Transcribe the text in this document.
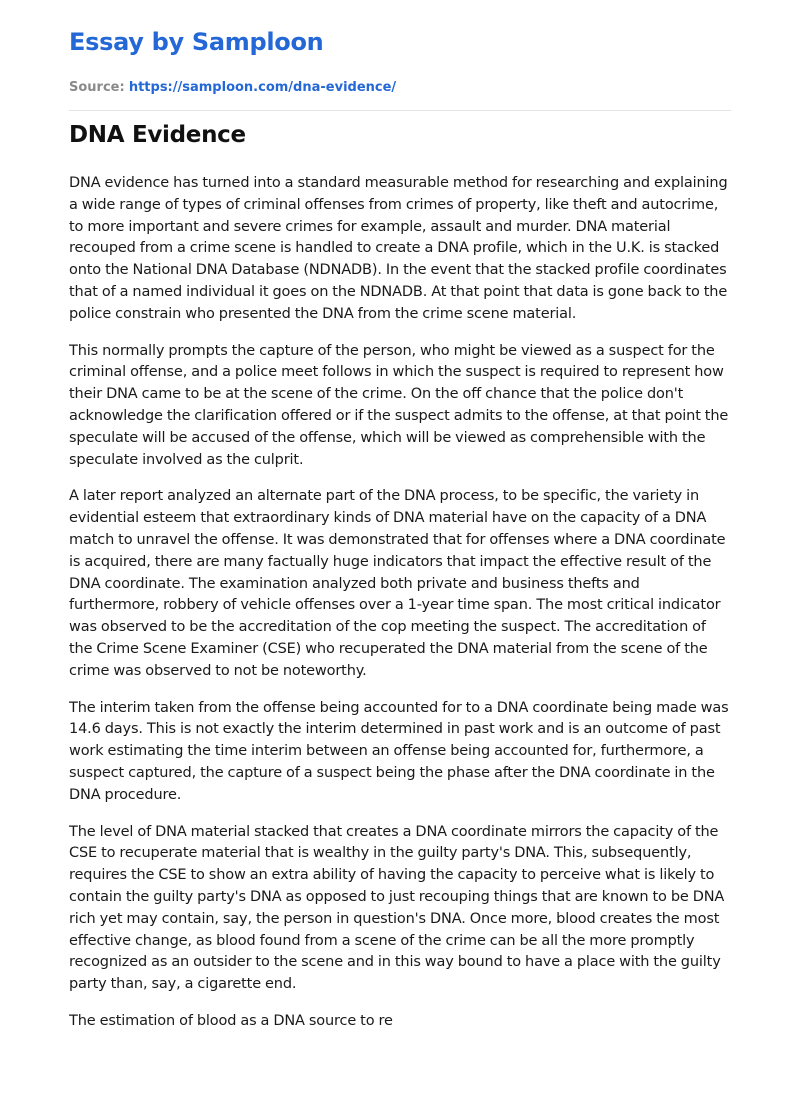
Essay by Samploon
Source: https://samploon.com/dna-evidence/
DNA Evidence

DNA evidence has turned into a standard measurable method for researching and explaining a wide range of types of criminal offenses from crimes of property, like theft and autocrime, to more important and severe crimes for example, assault and murder. DNA material recouped from a crime scene is handled to create a DNA profile, which in the U.K. is stacked onto the National DNA Database (NDNADB). In the event that the stacked profile coordinates that of a named individual it goes on the NDNADB. At that point that data is gone back to the police constrain who presented the DNA from the crime scene material.

This normally prompts the capture of the person, who might be viewed as a suspect for the criminal offense, and a police meet follows in which the suspect is required to represent how their DNA came to be at the scene of the crime. On the off chance that the police don't acknowledge the clarification offered or if the suspect admits to the offense, at that point the speculate will be accused of the offense, which will be viewed as comprehensible with the speculate involved as the culprit.

A later report analyzed an alternate part of the DNA process, to be specific, the variety in evidential esteem that extraordinary kinds of DNA material have on the capacity of a DNA match to unravel the offense. It was demonstrated that for offenses where a DNA coordinate is acquired, there are many factually huge indicators that impact the effective result of the DNA coordinate. The examination analyzed both private and business thefts and furthermore, robbery of vehicle offenses over a 1-year time span. The most critical indicator was observed to be the accreditation of the cop meeting the suspect. The accreditation of the Crime Scene Examiner (CSE) who recuperated the DNA material from the scene of the crime was observed to not be noteworthy.

The interim taken from the offense being accounted for to a DNA coordinate being made was 14.6 days. This is not exactly the interim determined in past work and is an outcome of past work estimating the time interim between an offense being accounted for, furthermore, a suspect captured, the capture of a suspect being the phase after the DNA coordinate in the DNA procedure.

The level of DNA material stacked that creates a DNA coordinate mirrors the capacity of the CSE to recuperate material that is wealthy in the guilty party's DNA. This, subsequently, requires the CSE to show an extra ability of having the capacity to perceive what is likely to contain the guilty party's DNA as opposed to just recouping things that are known to be DNA rich yet may contain, say, the person in question's DNA. Once more, blood creates the most effective change, as blood found from a scene of the crime can be all the more promptly recognized as an outsider to the scene and in this way bound to have a place with the guilty party than, say, a cigarette end.

The estimation of blood as a DNA source to re
